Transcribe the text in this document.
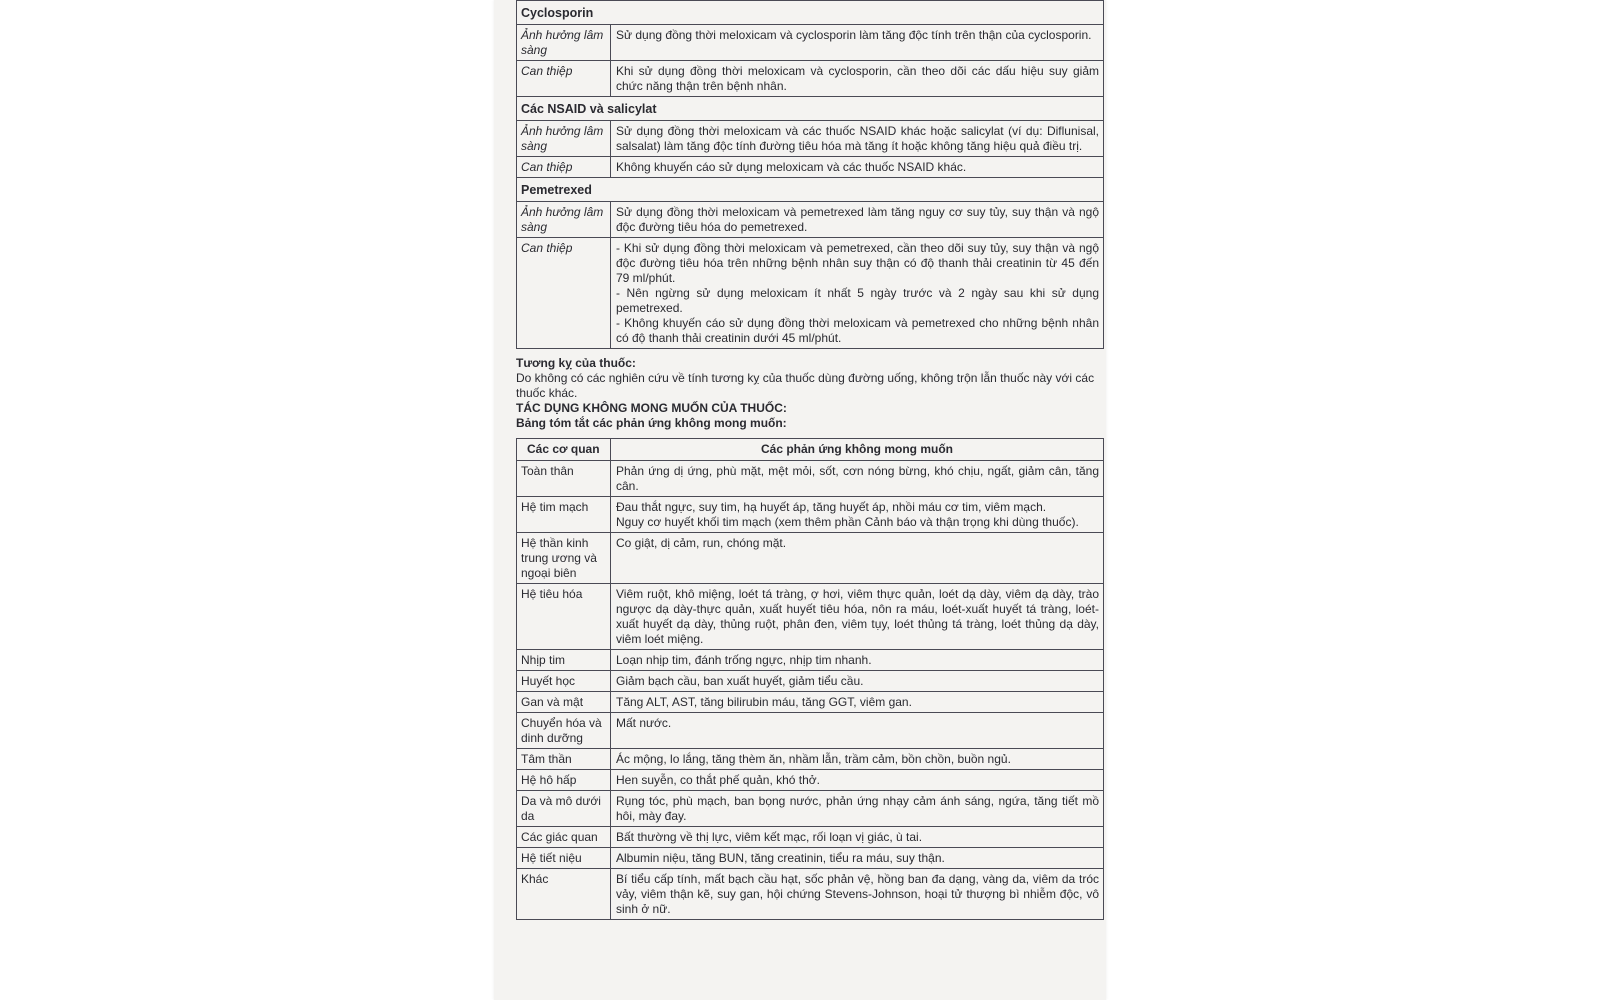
Cyclosporin	
Ảnh hưởng lâm sàng	Sử dụng đồng thời meloxicam và cyclosporin làm tăng độc tính trên thận của cyclosporin.
Can thiệp	Khi sử dụng đồng thời meloxicam và cyclosporin, cần theo dõi các dấu hiệu suy giảm chức năng thận trên bệnh nhân.
Các NSAID và salicylat	
Ảnh hưởng lâm sàng	Sử dụng đồng thời meloxicam và các thuốc NSAID khác hoặc salicylat (ví dụ: Diflunisal, salsalat) làm tăng độc tính đường tiêu hóa mà tăng ít hoặc không tăng hiệu quả điều trị.
Can thiệp	Không khuyến cáo sử dụng meloxicam và các thuốc NSAID khác.
Pemetrexed	
Ảnh hưởng lâm sàng	Sử dụng đồng thời meloxicam và pemetrexed làm tăng nguy cơ suy tủy, suy thận và ngộ độc đường tiêu hóa do pemetrexed.
Can thiệp	- Khi sử dụng đồng thời meloxicam và pemetrexed, cần theo dõi suy tủy, suy thận và ngộ độc đường tiêu hóa trên những bệnh nhân suy thận có độ thanh thải creatinin từ 45 đến 79 ml/phút.
- Nên ngừng sử dụng meloxicam ít nhất 5 ngày trước và 2 ngày sau khi sử dụng pemetrexed.
- Không khuyến cáo sử dụng đồng thời meloxicam và pemetrexed cho những bệnh nhân có độ thanh thải creatinin dưới 45 ml/phút.

Tương kỵ của thuốc:

Do không có các nghiên cứu về tính tương kỵ của thuốc dùng đường uống, không trộn lẫn thuốc này với các thuốc khác.

TÁC DỤNG KHÔNG MONG MUỐN CỦA THUỐC:

Bảng tóm tắt các phản ứng không mong muốn:

Các cơ quan	Các phản ứng không mong muốn
Toàn thân	Phản ứng dị ứng, phù mặt, mệt mỏi, sốt, cơn nóng bừng, khó chịu, ngất, giảm cân, tăng cân.
Hệ tim mạch	Đau thắt ngực, suy tim, hạ huyết áp, tăng huyết áp, nhồi máu cơ tim, viêm mạch.
Nguy cơ huyết khối tim mạch (xem thêm phần Cảnh báo và thận trọng khi dùng thuốc).
Hệ thần kinh trung ương và ngoại biên	Co giật, dị cảm, run, chóng mặt.
Hệ tiêu hóa	Viêm ruột, khô miệng, loét tá tràng, ợ hơi, viêm thực quản, loét dạ dày, viêm dạ dày, trào ngược dạ dày-thực quản, xuất huyết tiêu hóa, nôn ra máu, loét-xuất huyết tá tràng, loét-xuất huyết dạ dày, thủng ruột, phân đen, viêm tụy, loét thủng tá tràng, loét thủng dạ dày, viêm loét miệng.
Nhịp tim	Loạn nhịp tim, đánh trống ngực, nhịp tim nhanh.
Huyết học	Giảm bạch cầu, ban xuất huyết, giảm tiểu cầu.
Gan và mật	Tăng ALT, AST, tăng bilirubin máu, tăng GGT, viêm gan.
Chuyển hóa và dinh dưỡng	Mất nước.
Tâm thần	Ác mộng, lo lắng, tăng thèm ăn, nhầm lẫn, trầm cảm, bồn chồn, buồn ngủ.
Hệ hô hấp	Hen suyễn, co thắt phế quản, khó thở.
Da và mô dưới da	Rụng tóc, phù mạch, ban bọng nước, phản ứng nhạy cảm ánh sáng, ngứa, tăng tiết mồ hôi, mày đay.
Các giác quan	Bất thường về thị lực, viêm kết mạc, rối loạn vị giác, ù tai.
Hệ tiết niệu	Albumin niệu, tăng BUN, tăng creatinin, tiểu ra máu, suy thận.
Khác	Bí tiểu cấp tính, mất bạch cầu hạt, sốc phản vệ, hồng ban đa dạng, vàng da, viêm da tróc vảy, viêm thận kẽ, suy gan, hội chứng Stevens-Johnson, hoại tử thượng bì nhiễm độc, vô sinh ở nữ.
